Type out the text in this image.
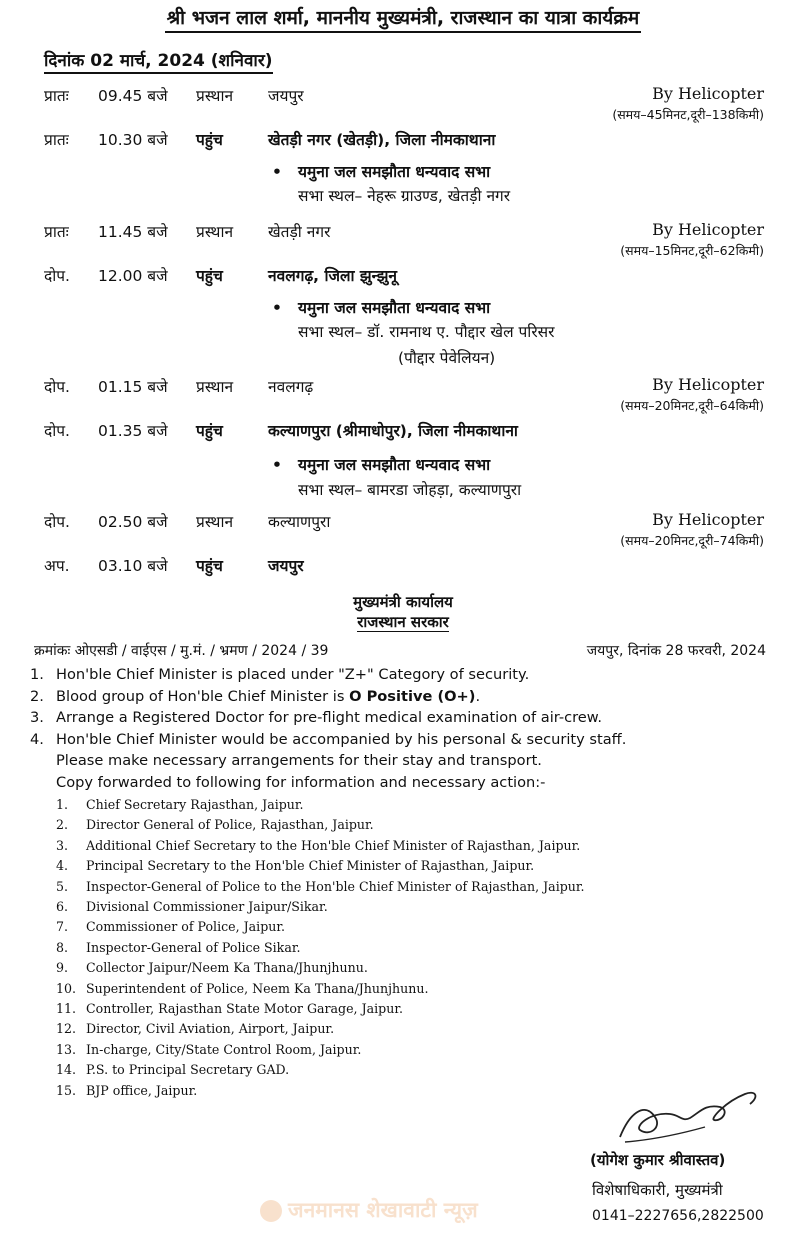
श्री भजन लाल शर्मा, माननीय मुख्यमंत्री, राजस्थान का यात्रा कार्यक्रम
दिनांक 02 मार्च, 2024 (शनिवार)
प्रातः 09.45 बजे प्रस्थान जयपुर	By Helicopter
(समय–45मिनट,दूरी–138किमी)
प्रातः 10.30 बजे पहुंच	खेतड़ी नगर (खेतड़ी), जिला नीमकाथाना
• यमुना जल समझौता धन्यवाद सभा
सभा स्थल– नेहरू ग्राउण्ड, खेतड़ी नगर
प्रातः 11.45 बजे प्रस्थान खेतड़ी नगर	By Helicopter
(समय–15मिनट,दूरी–62किमी)
दोप. 12.00 बजे पहुंच	नवलगढ़, जिला झुन्झुनू
• यमुना जल समझौता धन्यवाद सभा
सभा स्थल– डॉ. रामनाथ ए. पौद्दार खेल परिसर
(पौद्दार पेवेलियन)
दोप. 01.15 बजे प्रस्थान नवलगढ़	By Helicopter
(समय–20मिनट,दूरी–64किमी)
दोप. 01.35 बजे पहुंच	कल्याणपुरा (श्रीमाधोपुर), जिला नीमकाथाना
• यमुना जल समझौता धन्यवाद सभा
सभा स्थल– बामरडा जोहड़ा, कल्याणपुरा
दोप. 02.50 बजे प्रस्थान कल्याणपुरा	By Helicopter
(समय–20मिनट,दूरी–74किमी)
अप. 03.10 बजे पहुंच	जयपुर
मुख्यमंत्री कार्यालय
राजस्थान सरकार
क्रमांकः ओएसडी / वाईएस / मु.मं. / भ्रमण / 2024 / 39	जयपुर, दिनांक 28 फरवरी, 2024
1. Hon'ble Chief Minister is placed under "Z+" Category of security.
2. Blood group of Hon'ble Chief Minister is O Positive (O+).
3. Arrange a Registered Doctor for pre-flight medical examination of air-crew.
4. Hon'ble Chief Minister would be accompanied by his personal & security staff.
Please make necessary arrangements for their stay and transport.
Copy forwarded to following for information and necessary action:-
1.	Chief Secretary Rajasthan, Jaipur.
2.	Director General of Police, Rajasthan, Jaipur.
3.	Additional Chief Secretary to the Hon'ble Chief Minister of Rajasthan, Jaipur.
4.	Principal Secretary to the Hon'ble Chief Minister of Rajasthan, Jaipur.
5.	Inspector-General of Police to the Hon'ble Chief Minister of Rajasthan, Jaipur.
6.	Divisional Commissioner Jaipur/Sikar.
7.	Commissioner of Police, Jaipur.
8.	Inspector-General of Police Sikar.
9.	Collector Jaipur/Neem Ka Thana/Jhunjhunu.
10. Superintendent of Police, Neem Ka Thana/Jhunjhunu.
11. Controller, Rajasthan State Motor Garage, Jaipur.
12. Director, Civil Aviation, Airport, Jaipur.
13. In-charge, City/State Control Room, Jaipur.
14. P.S. to Principal Secretary GAD.
15. BJP office, Jaipur.
(योगेश कुमार श्रीवास्तव)
विशेषाधिकारी, मुख्यमंत्री
0141–2227656,2822500
जनमानस शेखावाटी न्यूज़
